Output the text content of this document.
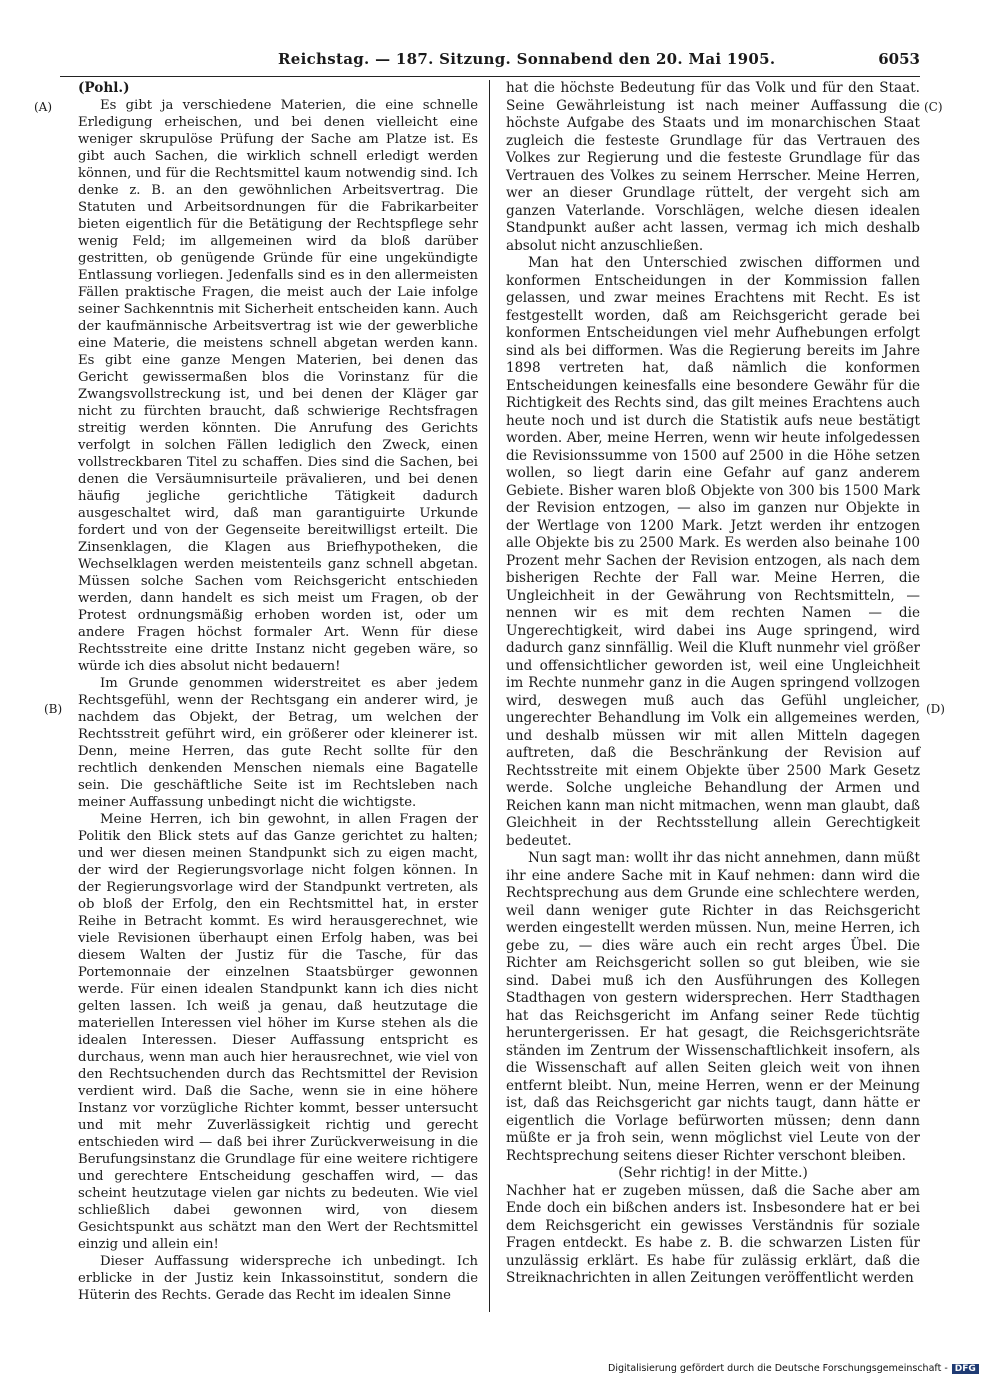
Reichstag. — 187. Sitzung. Sonnabend den 20. Mai 1905.	6053
(A)
(B)
(C)
(D)
(Pohl.)

Es gibt ja verschiedene Materien, die eine schnelle Erledigung erheischen, und bei denen vielleicht eine weniger skrupulöse Prüfung der Sache am Platze ist. Es gibt auch Sachen, die wirklich schnell erledigt werden können, und für die Rechtsmittel kaum notwendig sind. Ich denke z. B. an den gewöhnlichen Arbeitsvertrag. Die Statuten und Arbeitsordnungen für die Fabrikarbeiter bieten eigentlich für die Betätigung der Rechtspflege sehr wenig Feld; im allgemeinen wird da bloß darüber gestritten, ob genügende Gründe für eine ungekündigte Entlassung vorliegen. Jedenfalls sind es in den allermeisten Fällen praktische Fragen, die meist auch der Laie infolge seiner Sachkenntnis mit Sicherheit entscheiden kann. Auch der kaufmännische Arbeitsvertrag ist wie der gewerbliche eine Materie, die meistens schnell abgetan werden kann. Es gibt eine ganze Mengen Materien, bei denen das Gericht gewissermaßen blos die Vorinstanz für die Zwangsvollstreckung ist, und bei denen der Kläger gar nicht zu fürchten braucht, daß schwierige Rechtsfragen streitig werden könnten. Die Anrufung des Gerichts verfolgt in solchen Fällen lediglich den Zweck, einen vollstreckbaren Titel zu schaffen. Dies sind die Sachen, bei denen die Versäumnisurteile prävalieren, und bei denen häufig jegliche gerichtliche Tätigkeit dadurch ausgeschaltet wird, daß man garantiguirte Urkunde fordert und von der Gegenseite bereitwilligst erteilt. Die Zinsenklagen, die Klagen aus Briefhypotheken, die Wechselklagen werden meistenteils ganz schnell abgetan. Müssen solche Sachen vom Reichsgericht entschieden werden, dann handelt es sich meist um Fragen, ob der Protest ordnungsmäßig erhoben worden ist, oder um andere Fragen höchst formaler Art. Wenn für diese Rechtsstreite eine dritte Instanz nicht gegeben wäre, so würde ich dies absolut nicht bedauern!

Im Grunde genommen widerstreitet es aber jedem Rechtsgefühl, wenn der Rechtsgang ein anderer wird, je nachdem das Objekt, der Betrag, um welchen der Rechtsstreit geführt wird, ein größerer oder kleinerer ist. Denn, meine Herren, das gute Recht sollte für den rechtlich denkenden Menschen niemals eine Bagatelle sein. Die geschäftliche Seite ist im Rechtsleben nach meiner Auffassung unbedingt nicht die wichtigste.

Meine Herren, ich bin gewohnt, in allen Fragen der Politik den Blick stets auf das Ganze gerichtet zu halten; und wer diesen meinen Standpunkt sich zu eigen macht, der wird der Regierungsvorlage nicht folgen können. In der Regierungsvorlage wird der Standpunkt vertreten, als ob bloß der Erfolg, den ein Rechtsmittel hat, in erster Reihe in Betracht kommt. Es wird herausgerechnet, wie viele Revisionen überhaupt einen Erfolg haben, was bei diesem Walten der Justiz für die Tasche, für das Portemonnaie der einzelnen Staatsbürger gewonnen werde. Für einen idealen Standpunkt kann ich dies nicht gelten lassen. Ich weiß ja genau, daß heutzutage die materiellen Interessen viel höher im Kurse stehen als die idealen Interessen. Dieser Auffassung entspricht es durchaus, wenn man auch hier herausrechnet, wie viel von den Rechtsuchenden durch das Rechtsmittel der Revision verdient wird. Daß die Sache, wenn sie in eine höhere Instanz vor vorzügliche Richter kommt, besser untersucht und mit mehr Zuverlässigkeit richtig und gerecht entschieden wird — daß bei ihrer Zurückverweisung in die Berufungsinstanz die Grundlage für eine weitere richtigere und gerechtere Entscheidung geschaffen wird, — das scheint heutzutage vielen gar nichts zu bedeuten. Wie viel schließlich dabei gewonnen wird, von diesem Gesichtspunkt aus schätzt man den Wert der Rechtsmittel einzig und allein ein!

Dieser Auffassung widerspreche ich unbedingt. Ich erblicke in der Justiz kein Inkassoinstitut, sondern die Hüterin des Rechts. Gerade das Recht im idealen Sinne

hat die höchste Bedeutung für das Volk und für den Staat. Seine Gewährleistung ist nach meiner Auffassung die höchste Aufgabe des Staats und im monarchischen Staat zugleich die festeste Grundlage für das Vertrauen des Volkes zur Regierung und die festeste Grundlage für das Vertrauen des Volkes zu seinem Herrscher. Meine Herren, wer an dieser Grundlage rüttelt, der vergeht sich am ganzen Vaterlande. Vorschlägen, welche diesen idealen Standpunkt außer acht lassen, vermag ich mich deshalb absolut nicht anzuschließen.

Man hat den Unterschied zwischen difformen und konformen Entscheidungen in der Kommission fallen gelassen, und zwar meines Erachtens mit Recht. Es ist festgestellt worden, daß am Reichsgericht gerade bei konformen Entscheidungen viel mehr Aufhebungen erfolgt sind als bei difformen. Was die Regierung bereits im Jahre 1898 vertreten hat, daß nämlich die konformen Entscheidungen keinesfalls eine besondere Gewähr für die Richtigkeit des Rechts sind, das gilt meines Erachtens auch heute noch und ist durch die Statistik aufs neue bestätigt worden. Aber, meine Herren, wenn wir heute infolgedessen die Revisionssumme von 1500 auf 2500 in die Höhe setzen wollen, so liegt darin eine Gefahr auf ganz anderem Gebiete. Bisher waren bloß Objekte von 300 bis 1500 Mark der Revision entzogen, — also im ganzen nur Objekte in der Wertlage von 1200 Mark. Jetzt werden ihr entzogen alle Objekte bis zu 2500 Mark. Es werden also beinahe 100 Prozent mehr Sachen der Revision entzogen, als nach dem bisherigen Rechte der Fall war. Meine Herren, die Ungleichheit in der Gewährung von Rechtsmitteln, — nennen wir es mit dem rechten Namen — die Ungerechtigkeit, wird dabei ins Auge springend, wird dadurch ganz sinnfällig. Weil die Kluft nunmehr viel größer und offensichtlicher geworden ist, weil eine Ungleichheit im Rechte nunmehr ganz in die Augen springend vollzogen wird, deswegen muß auch das Gefühl ungleicher, ungerechter Behandlung im Volk ein allgemeines werden, und deshalb müssen wir mit allen Mitteln dagegen auftreten, daß die Beschränkung der Revision auf Rechtsstreite mit einem Objekte über 2500 Mark Gesetz werde. Solche ungleiche Behandlung der Armen und Reichen kann man nicht mitmachen, wenn man glaubt, daß Gleichheit in der Rechtsstellung allein Gerechtigkeit bedeutet.

Nun sagt man: wollt ihr das nicht annehmen, dann müßt ihr eine andere Sache mit in Kauf nehmen: dann wird die Rechtsprechung aus dem Grunde eine schlechtere werden, weil dann weniger gute Richter in das Reichsgericht werden eingestellt werden müssen. Nun, meine Herren, ich gebe zu, — dies wäre auch ein recht arges Übel. Die Richter am Reichsgericht sollen so gut bleiben, wie sie sind. Dabei muß ich den Ausführungen des Kollegen Stadthagen von gestern widersprechen. Herr Stadthagen hat das Reichsgericht im Anfang seiner Rede tüchtig heruntergerissen. Er hat gesagt, die Reichsgerichtsräte ständen im Zentrum der Wissenschaftlichkeit insofern, als die Wissenschaft auf allen Seiten gleich weit von ihnen entfernt bleibt. Nun, meine Herren, wenn er der Meinung ist, daß das Reichsgericht gar nichts taugt, dann hätte er eigentlich die Vorlage befürworten müssen; denn dann müßte er ja froh sein, wenn möglichst viel Leute von der Rechtsprechung seitens dieser Richter verschont bleiben.

(Sehr richtig! in der Mitte.)

Nachher hat er zugeben müssen, daß die Sache aber am Ende doch ein bißchen anders ist. Insbesondere hat er bei dem Reichsgericht ein gewisses Verständnis für soziale Fragen entdeckt. Es habe z. B. die schwarzen Listen für unzulässig erklärt. Es habe für zulässig erklärt, daß die Streiknachrichten in allen Zeitungen veröffentlicht werden

Digitalisierung gefördert durch die Deutsche Forschungsgemeinschaft - DFG
